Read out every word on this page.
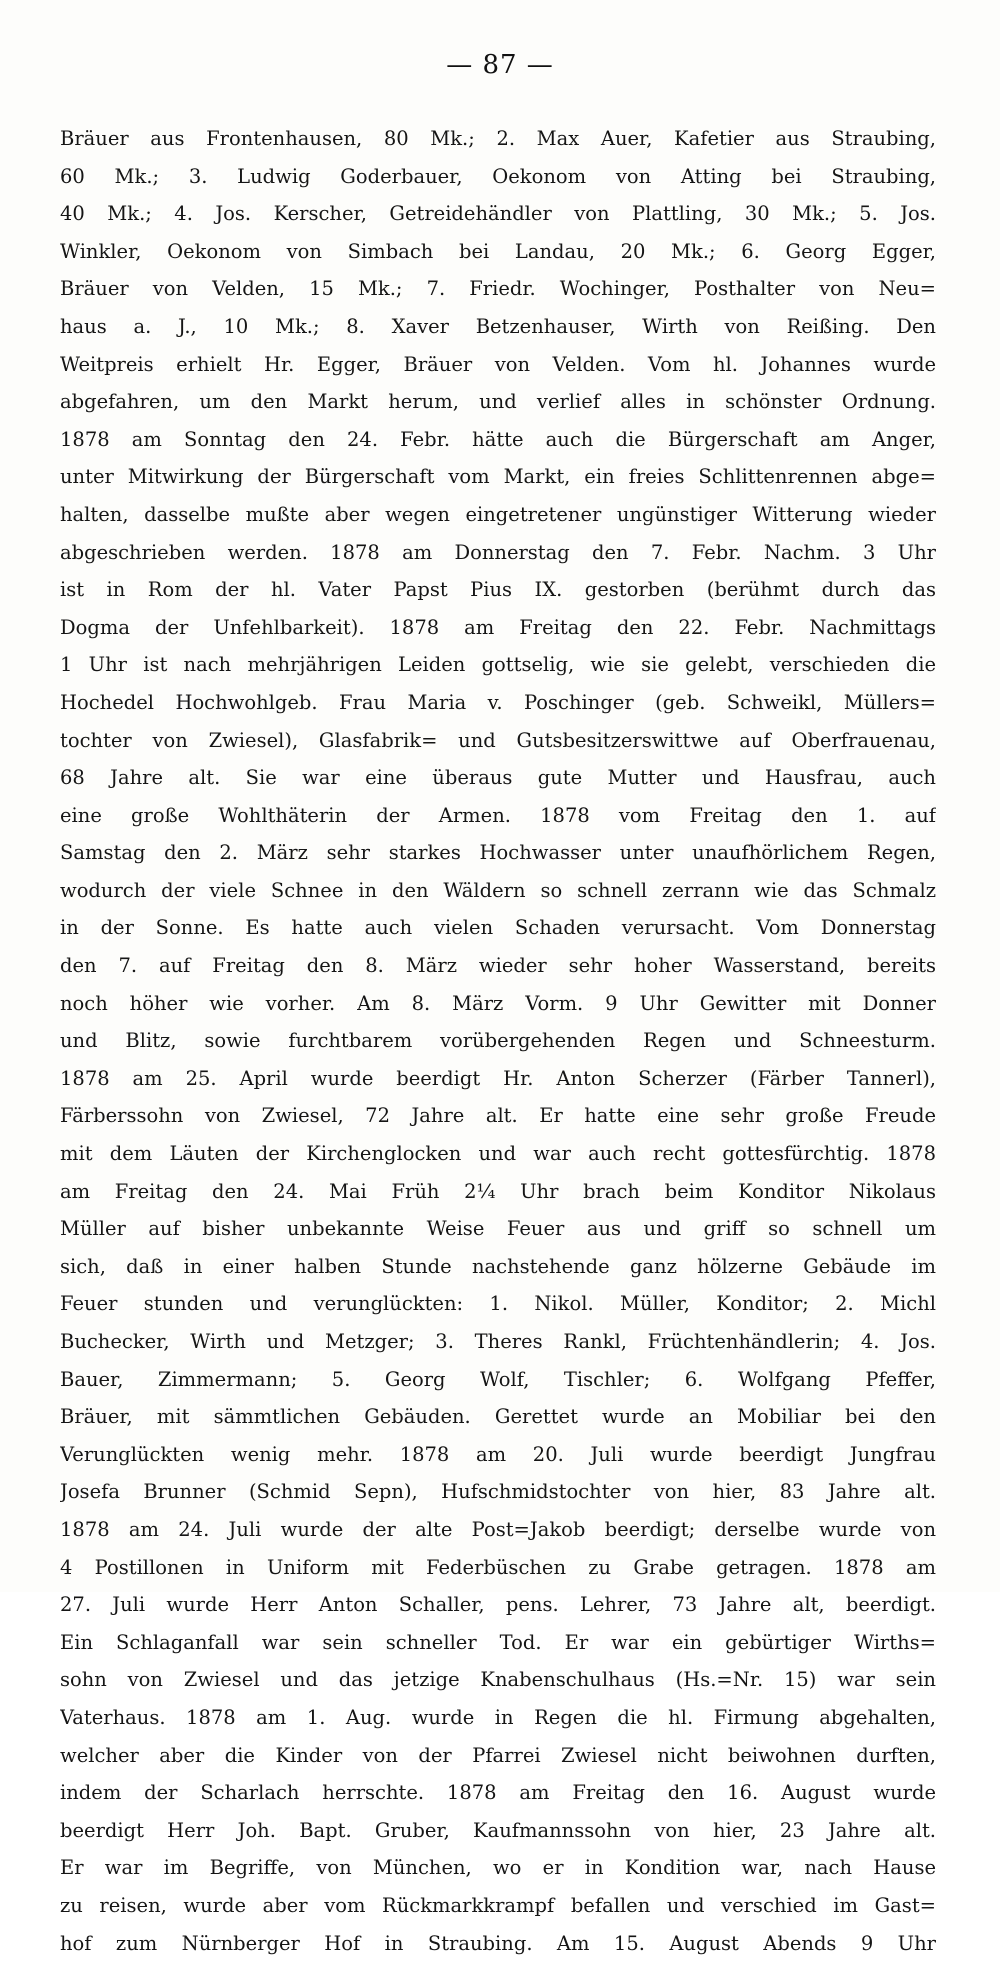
— 87 —
Bräuer aus Frontenhausen, 80 Mk.; 2. Max Auer, Kafetier aus Straubing,
60 Mk.; 3. Ludwig Goderbauer, Oekonom von Atting bei Straubing,
40 Mk.; 4. Jos. Kerscher, Getreidehändler von Plattling, 30 Mk.; 5. Jos.
Winkler, Oekonom von Simbach bei Landau, 20 Mk.; 6. Georg Egger,
Bräuer von Velden, 15 Mk.; 7. Friedr. Wochinger, Posthalter von Neu=
haus a. J., 10 Mk.; 8. Xaver Betzenhauser, Wirth von Reißing. Den
Weitpreis erhielt Hr. Egger, Bräuer von Velden. Vom hl. Johannes wurde
abgefahren, um den Markt herum, und verlief alles in schönster Ordnung.
1878 am Sonntag den 24. Febr. hätte auch die Bürgerschaft am Anger,
unter Mitwirkung der Bürgerschaft vom Markt, ein freies Schlittenrennen abge=
halten, dasselbe mußte aber wegen eingetretener ungünstiger Witterung wieder
abgeschrieben werden. 1878 am Donnerstag den 7. Febr. Nachm. 3 Uhr
ist in Rom der hl. Vater Papst Pius IX. gestorben (berühmt durch das
Dogma der Unfehlbarkeit). 1878 am Freitag den 22. Febr. Nachmittags
1 Uhr ist nach mehrjährigen Leiden gottselig, wie sie gelebt, verschieden die
Hochedel Hochwohlgeb. Frau Maria v. Poschinger (geb. Schweikl, Müllers=
tochter von Zwiesel), Glasfabrik= und Gutsbesitzerswittwe auf Oberfrauenau,
68 Jahre alt. Sie war eine überaus gute Mutter und Hausfrau, auch
eine große Wohlthäterin der Armen. 1878 vom Freitag den 1. auf
Samstag den 2. März sehr starkes Hochwasser unter unaufhörlichem Regen,
wodurch der viele Schnee in den Wäldern so schnell zerrann wie das Schmalz
in der Sonne. Es hatte auch vielen Schaden verursacht. Vom Donnerstag
den 7. auf Freitag den 8. März wieder sehr hoher Wasserstand, bereits
noch höher wie vorher. Am 8. März Vorm. 9 Uhr Gewitter mit Donner
und Blitz, sowie furchtbarem vorübergehenden Regen und Schneesturm.
1878 am 25. April wurde beerdigt Hr. Anton Scherzer (Färber Tannerl),
Färberssohn von Zwiesel, 72 Jahre alt. Er hatte eine sehr große Freude
mit dem Läuten der Kirchenglocken und war auch recht gottesfürchtig. 1878
am Freitag den 24. Mai Früh 2¼ Uhr brach beim Konditor Nikolaus
Müller auf bisher unbekannte Weise Feuer aus und griff so schnell um
sich, daß in einer halben Stunde nachstehende ganz hölzerne Gebäude im
Feuer stunden und verunglückten: 1. Nikol. Müller, Konditor; 2. Michl
Buchecker, Wirth und Metzger; 3. Theres Rankl, Früchtenhändlerin; 4. Jos.
Bauer, Zimmermann; 5. Georg Wolf, Tischler; 6. Wolfgang Pfeffer,
Bräuer, mit sämmtlichen Gebäuden. Gerettet wurde an Mobiliar bei den
Verunglückten wenig mehr. 1878 am 20. Juli wurde beerdigt Jungfrau
Josefa Brunner (Schmid Sepn), Hufschmidstochter von hier, 83 Jahre alt.
1878 am 24. Juli wurde der alte Post=Jakob beerdigt; derselbe wurde von
4 Postillonen in Uniform mit Federbüschen zu Grabe getragen. 1878 am
27. Juli wurde Herr Anton Schaller, pens. Lehrer, 73 Jahre alt, beerdigt.
Ein Schlaganfall war sein schneller Tod. Er war ein gebürtiger Wirths=
sohn von Zwiesel und das jetzige Knabenschulhaus (Hs.=Nr. 15) war sein
Vaterhaus. 1878 am 1. Aug. wurde in Regen die hl. Firmung abgehalten,
welcher aber die Kinder von der Pfarrei Zwiesel nicht beiwohnen durften,
indem der Scharlach herrschte. 1878 am Freitag den 16. August wurde
beerdigt Herr Joh. Bapt. Gruber, Kaufmannssohn von hier, 23 Jahre alt.
Er war im Begriffe, von München, wo er in Kondition war, nach Hause
zu reisen, wurde aber vom Rückmarkkrampf befallen und verschied im Gast=
hof zum Nürnberger Hof in Straubing. Am 15. August Abends 9 Uhr
